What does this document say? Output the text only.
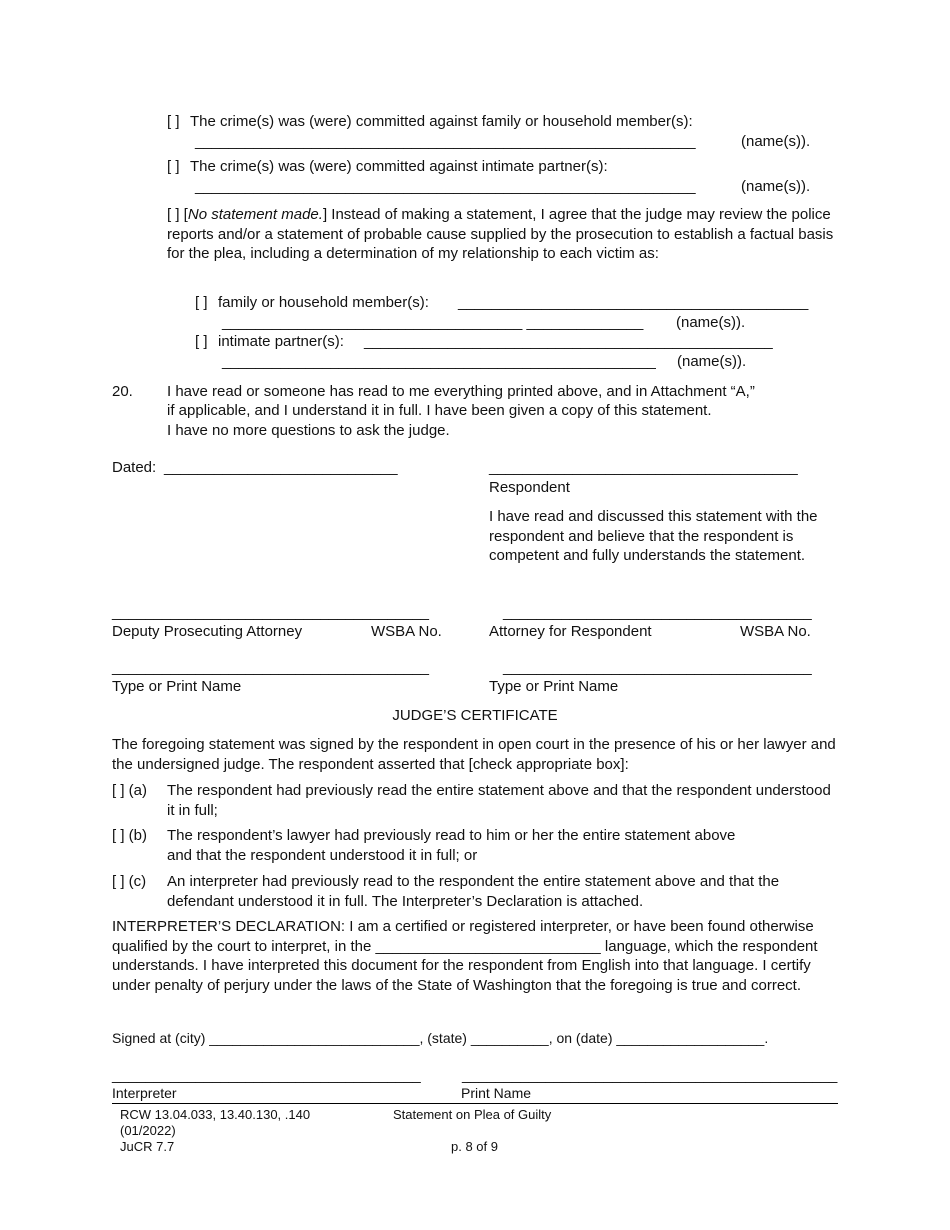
[ ] The crime(s) was (were) committed against family or household member(s):
____________________________________________________________	(name(s)).
[ ] The crime(s) was (were) committed against intimate partner(s):
____________________________________________________________	(name(s)).
[ ] [No statement made.] Instead of making a statement, I agree that the judge may review the police reports and/or a statement of probable cause supplied by the prosecution to establish a factual basis for the plea, including a determination of my relationship to each victim as:
[ ] family or household member(s): __________________________________________
____________________________________ ______________ (name(s)).
[ ] intimate partner(s): _________________________________________________
____________________________________________________ (name(s)).
20. I have read or someone has read to me everything printed above, and in Attachment “A,”
if applicable, and I understand it in full. I have been given a copy of this statement.
I have no more questions to ask the judge.
Dated: ____________________________	_____________________________________
Respondent
I have read and discussed this statement with the respondent and believe that the respondent is competent and fully understands the statement.
______________________________________
Deputy Prosecuting Attorney	WSBA No.
_____________________________________
Attorney for Respondent	WSBA No.
______________________________________
Type or Print Name
_____________________________________
Type or Print Name
JUDGE’S CERTIFICATE
The foregoing statement was signed by the respondent in open court in the presence of his or her lawyer and the undersigned judge. The respondent asserted that [check appropriate box]:
[ ] (a) The respondent had previously read the entire statement above and that the respondent understood it in full;
[ ] (b) The respondent’s lawyer had previously read to him or her the entire statement above
and that the respondent understood it in full; or
[ ] (c) An interpreter had previously read to the respondent the entire statement above and that the defendant understood it in full. The Interpreter’s Declaration is attached.
INTERPRETER’S DECLARATION: I am a certified or registered interpreter, or have been found otherwise qualified by the court to interpret, in the ___________________________ language, which the respondent understands. I have interpreted this document for the respondent from English into that language. I certify under penalty of perjury under the laws of the State of Washington that the foregoing is true and correct.
Signed at (city) ___________________________, (state) __________, on (date) ___________________.
_____________________________________
Interpreter
_____________________________________________
Print Name
RCW 13.04.033, 13.40.130, .140
(01/2022)
JuCR 7.7
Statement on Plea of Guilty
p. 8 of 9
